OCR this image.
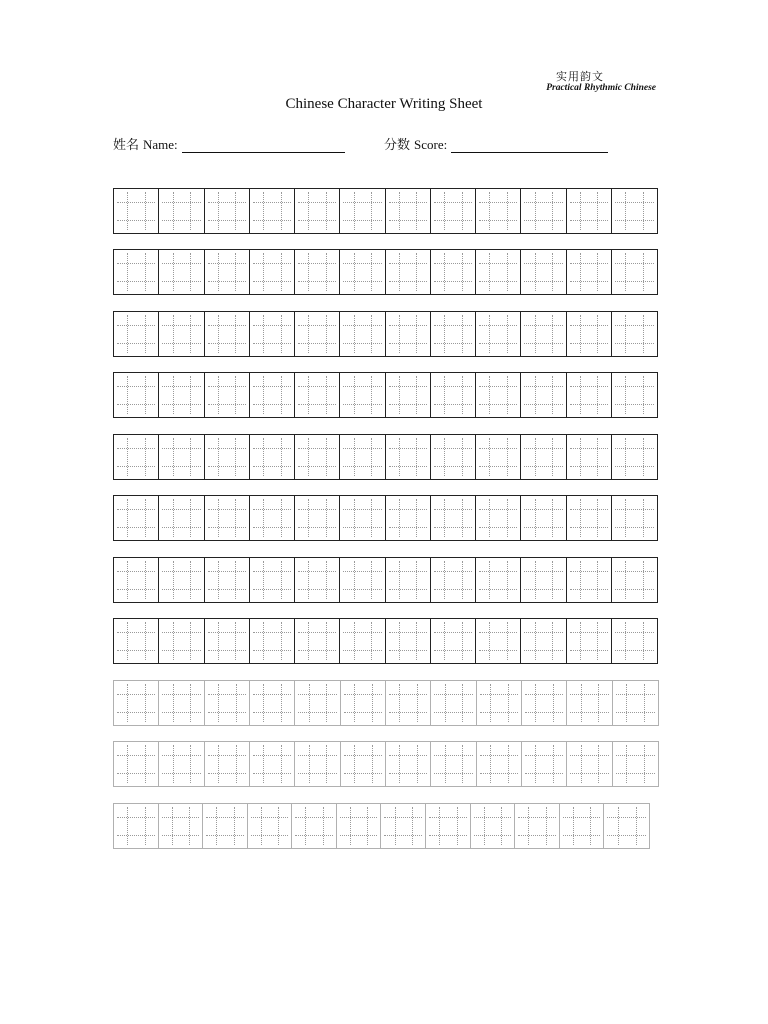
实用韵文
Practical Rhythmic Chinese
Chinese Character Writing Sheet
姓名 Name:	分数 Score:
